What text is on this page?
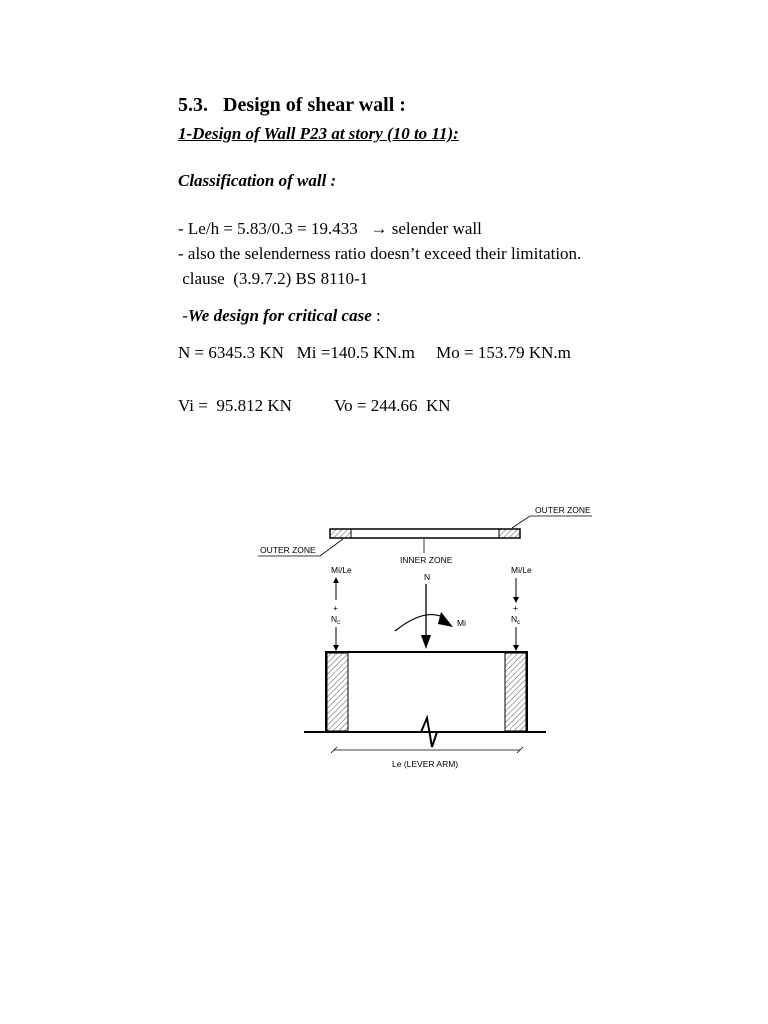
5.3.   Design of shear wall :
1-Design of Wall P23 at story (10 to 11):
Classification of wall :
- Le/h = 5.83/0.3 = 19.433   → selender wall
- also the selenderness ratio doesn’t exceed their limitation.
clause  (3.9.7.2) BS 8110-1
-We design for critical case :
N = 6345.3 KN   Mi =140.5 KN.m     Mo = 153.79 KN.m
Vi =  95.812 KN          Vo = 244.66  KN
OUTER ZONE
OUTER ZONE
INNER ZONE
N
Mi/Le
+
$N_c$
Mi/Le
+
$N_c$
Mi
Le (LEVER ARM)
